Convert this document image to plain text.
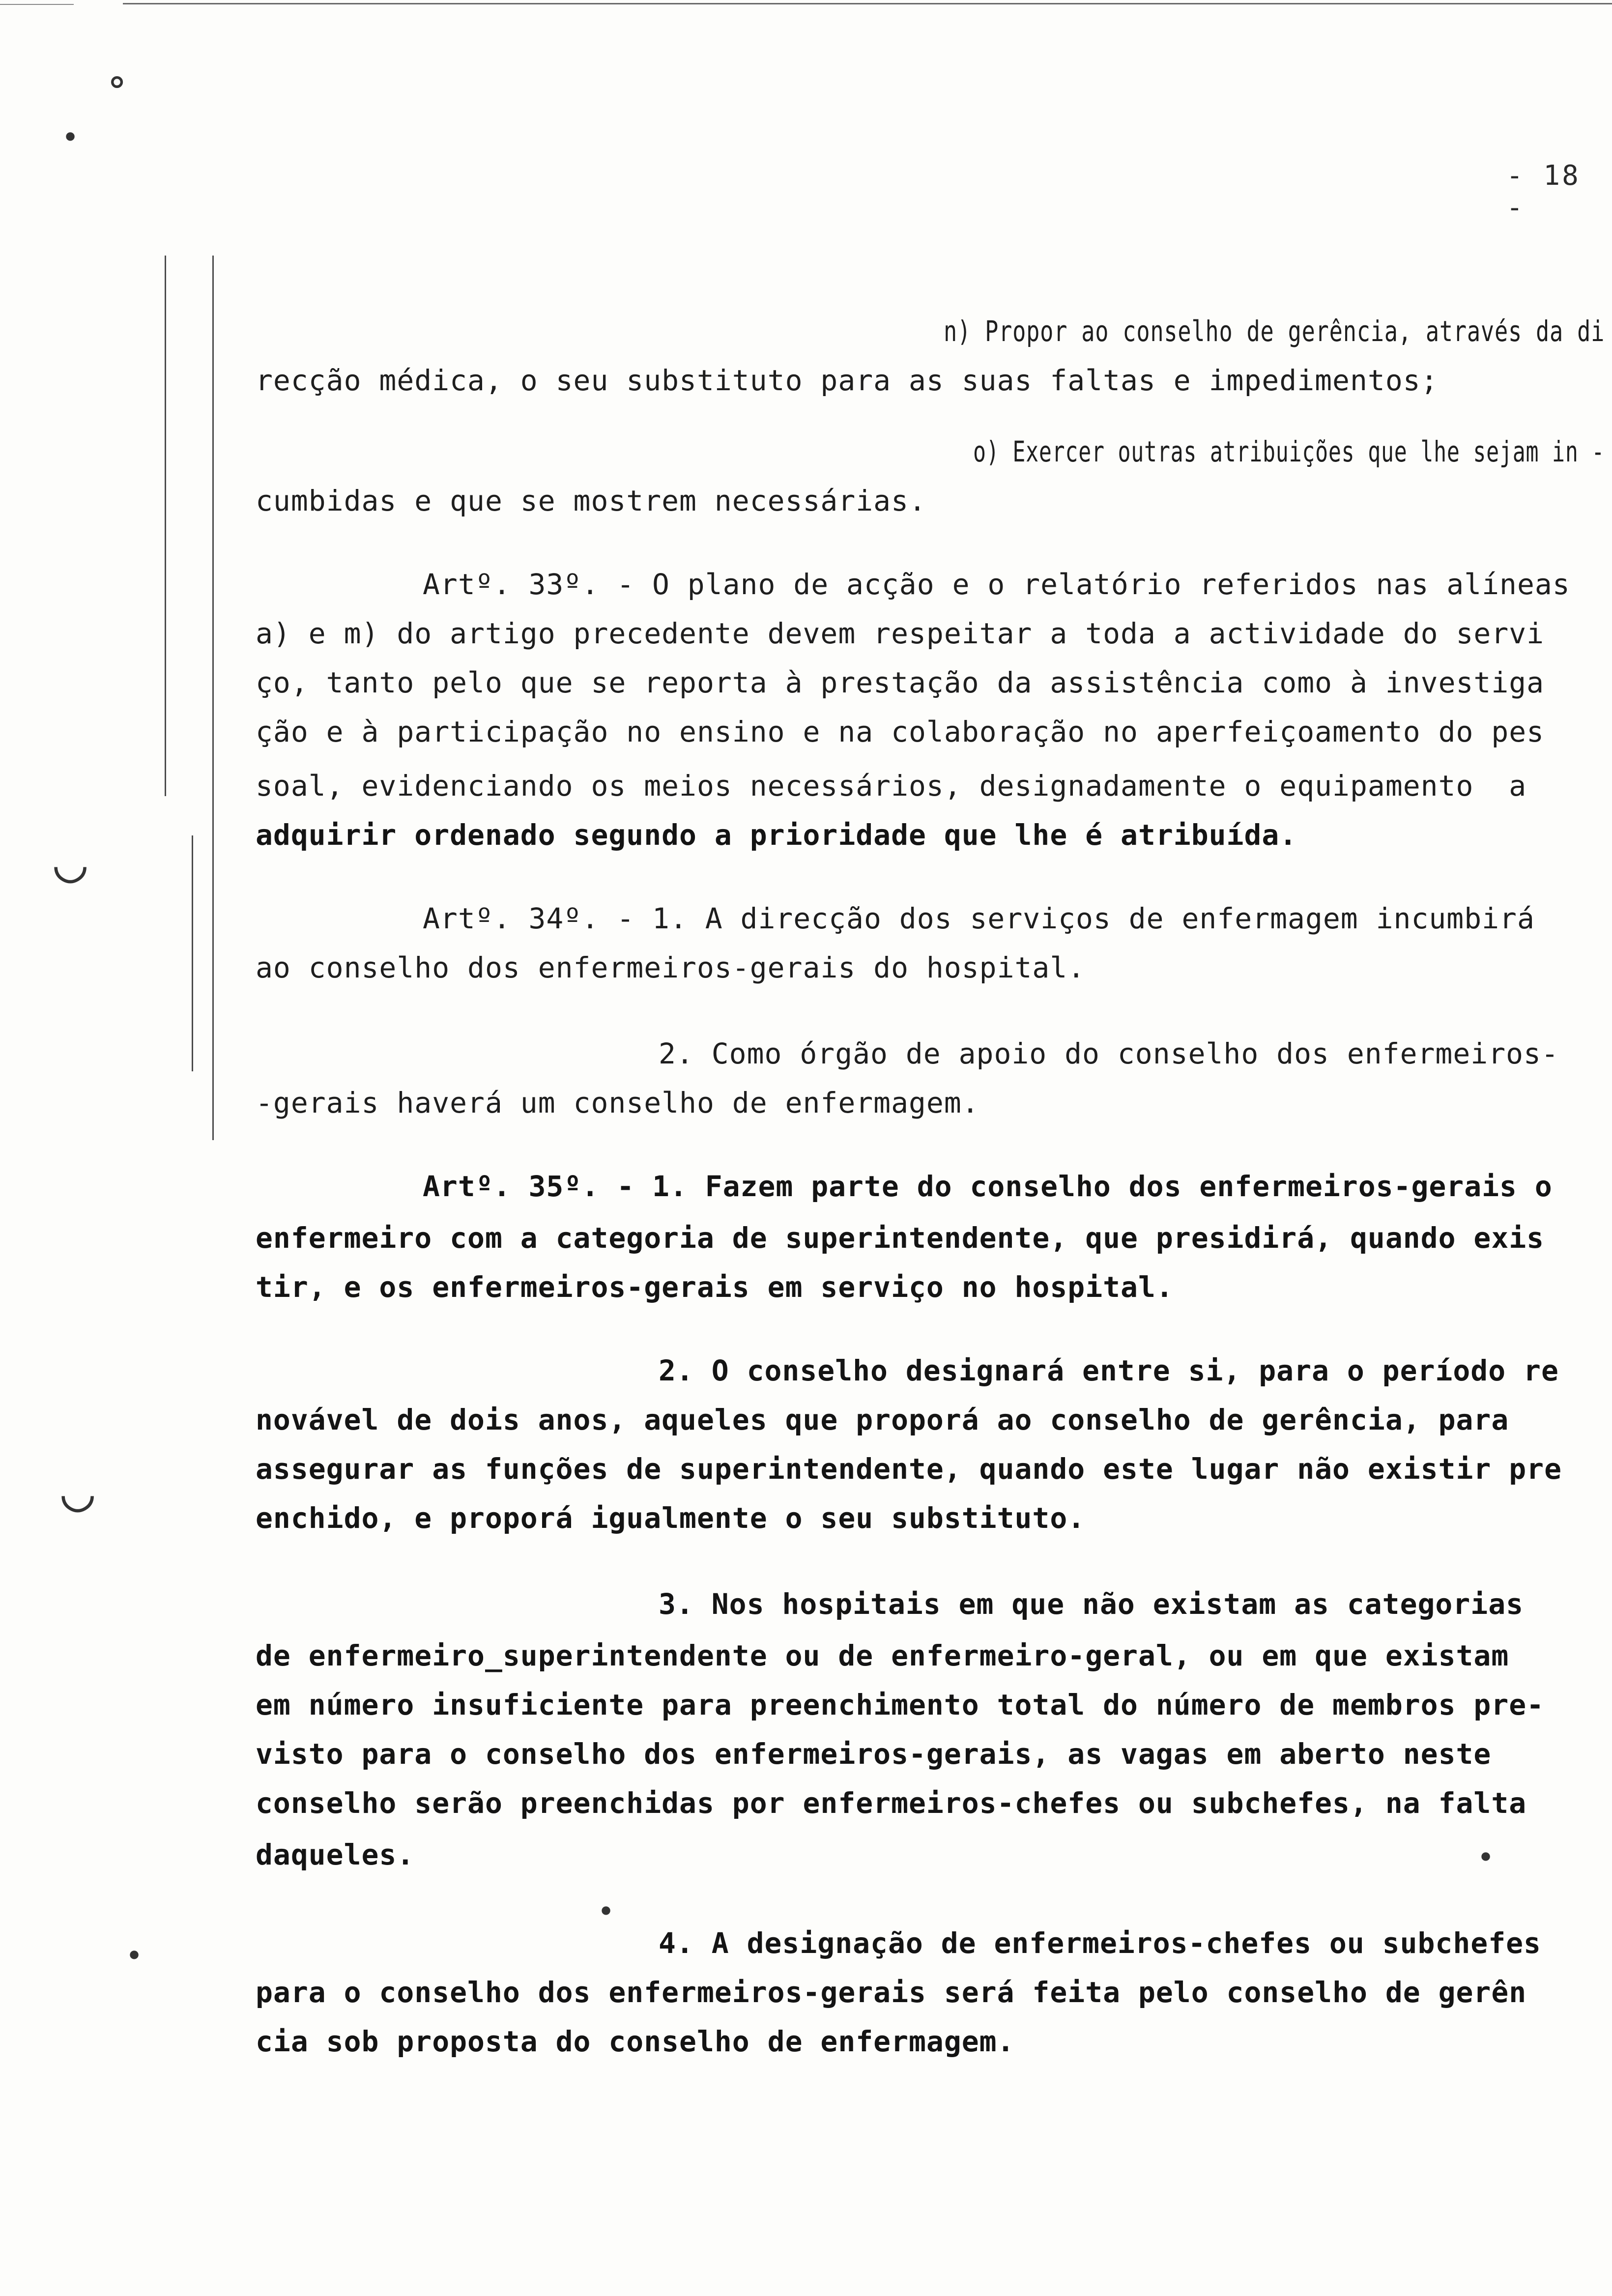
ᐤ
•
◡
◡
•
•
•
- 18 -
n) Propor ao conselho de gerência, através da di
recção médica, o seu substituto para as suas faltas e impedimentos;
o) Exercer outras atribuições que lhe sejam in -
cumbidas e que se mostrem necessárias.
Artº. 33º. - O plano de acção e o relatório referidos nas alíneas
a) e m) do artigo precedente devem respeitar a toda a actividade do servi
ço, tanto pelo que se reporta à prestação da assistência como à investiga
ção e à participação no ensino e na colaboração no aperfeiçoamento do pes
soal, evidenciando os meios necessários, designadamente o equipamento  a
adquirir ordenado segundo a prioridade que lhe é atribuída.
Artº. 34º. - 1. A direcção dos serviços de enfermagem incumbirá
ao conselho dos enfermeiros-gerais do hospital.
2. Como órgão de apoio do conselho dos enfermeiros-
-gerais haverá um conselho de enfermagem.
Artº. 35º. - 1. Fazem parte do conselho dos enfermeiros-gerais o
enfermeiro com a categoria de superintendente, que presidirá, quando exis
tir, e os enfermeiros-gerais em serviço no hospital.
2. O conselho designará entre si, para o período re
novável de dois anos, aqueles que proporá ao conselho de gerência, para
assegurar as funções de superintendente, quando este lugar não existir pre
enchido, e proporá igualmente o seu substituto.
3. Nos hospitais em que não existam as categorias
de enfermeiro_superintendente ou de enfermeiro-geral, ou em que existam
em número insuficiente para preenchimento total do número de membros pre-
visto para o conselho dos enfermeiros-gerais, as vagas em aberto neste
conselho serão preenchidas por enfermeiros-chefes ou subchefes, na falta
daqueles.
4. A designação de enfermeiros-chefes ou subchefes
para o conselho dos enfermeiros-gerais será feita pelo conselho de gerên
cia sob proposta do conselho de enfermagem.
